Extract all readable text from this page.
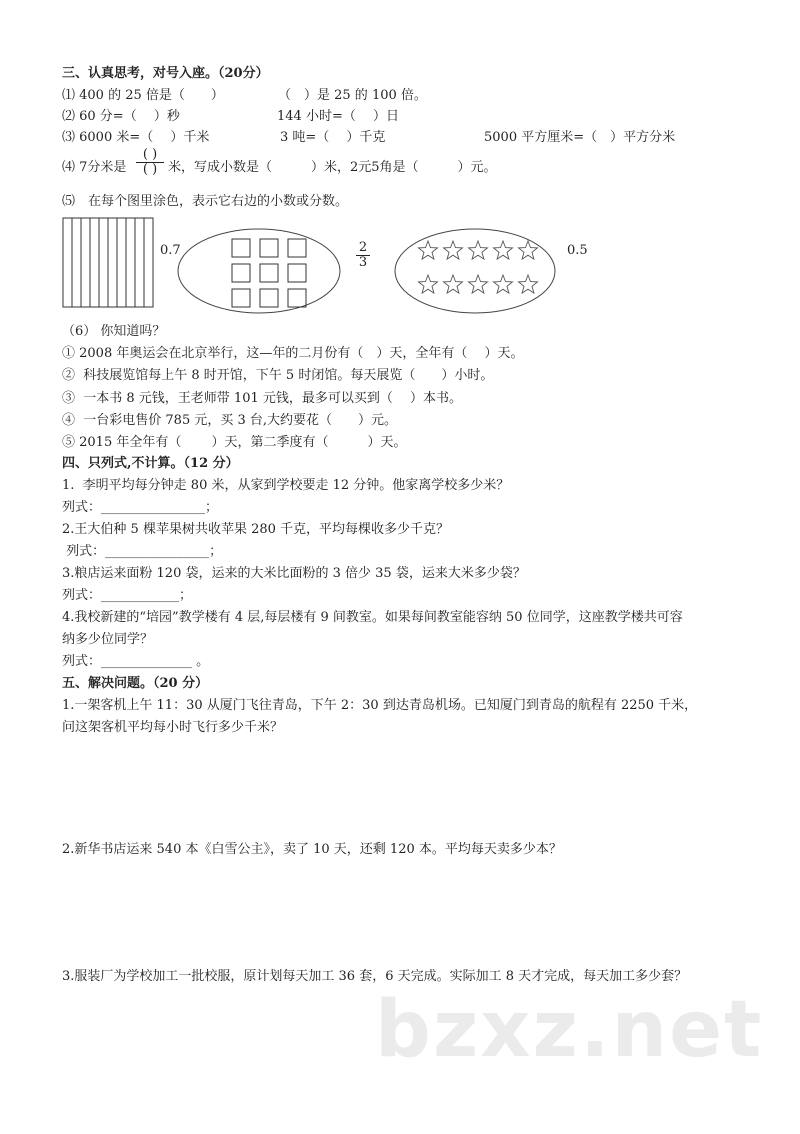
三、认真思考，对号入座。（20分）
⑴ 400 的 25 倍是（　　）	（　）是 25 的 100 倍。
⑵ 60 分=（　 ）秒	144 小时=（　 ）日
⑶ 6000 米=（　 ）千米	3 吨=（　 ）千克	5000 平方厘米=（　）平方分米
⑷ 7分米是
( )
( ) 米，写成小数是（　　　）米，2元5角是（　　　）元。
⑸　在每个图里涂色，表示它右边的小数或分数。
0.7	$\frac{2}{3}$	0.5
（6） 你知道吗？
① 2008 年奥运会在北京举行，这—年的二月份有（　）天，全年有（　 ）天。
②  科技展览馆每上午 8 时开馆，下午 5 时闭馆。每天展览（　　）小时。
③  一本书 8 元钱，王老师带 101 元钱，最多可以买到（　 ）本书。
④  一台彩电售价 785 元，买 3 台,大约要花（　　）元。
⑤ 2015 年全年有（　　 ）天，第二季度有（　　　）天。
四、只列式,不计算。（12 分）
1.  李明平均每分钟走 80 米，从家到学校要走 12 分钟。他家离学校多少米？
列式：________________；
2.王大伯种 5 棵苹果树共收苹果 280 千克，平均每棵收多少千克？
列式：________________；
3.粮店运来面粉 120 袋，运来的大米比面粉的 3 倍少 35 袋，运来大米多少袋？
列式：____________；
4.我校新建的“培园”教学楼有 4 层,每层楼有 9 间教室。如果每间教室能容纳 50 位同学，这座教学楼共可容
纳多少位同学？
列式：______________ 。
五、解决问题。（20 分）
1.一架客机上午 11：30 从厦门飞往青岛，下午 2：30 到达青岛机场。已知厦门到青岛的航程有 2250 千米，
问这架客机平均每小时飞行多少千米？
2.新华书店运来 540 本《白雪公主》，卖了 10 天，还剩 120 本。平均每天卖多少本？
3.服装厂为学校加工一批校服，原计划每天加工 36 套，6 天完成。实际加工 8 天才完成，每天加工多少套？
bzxz.net
